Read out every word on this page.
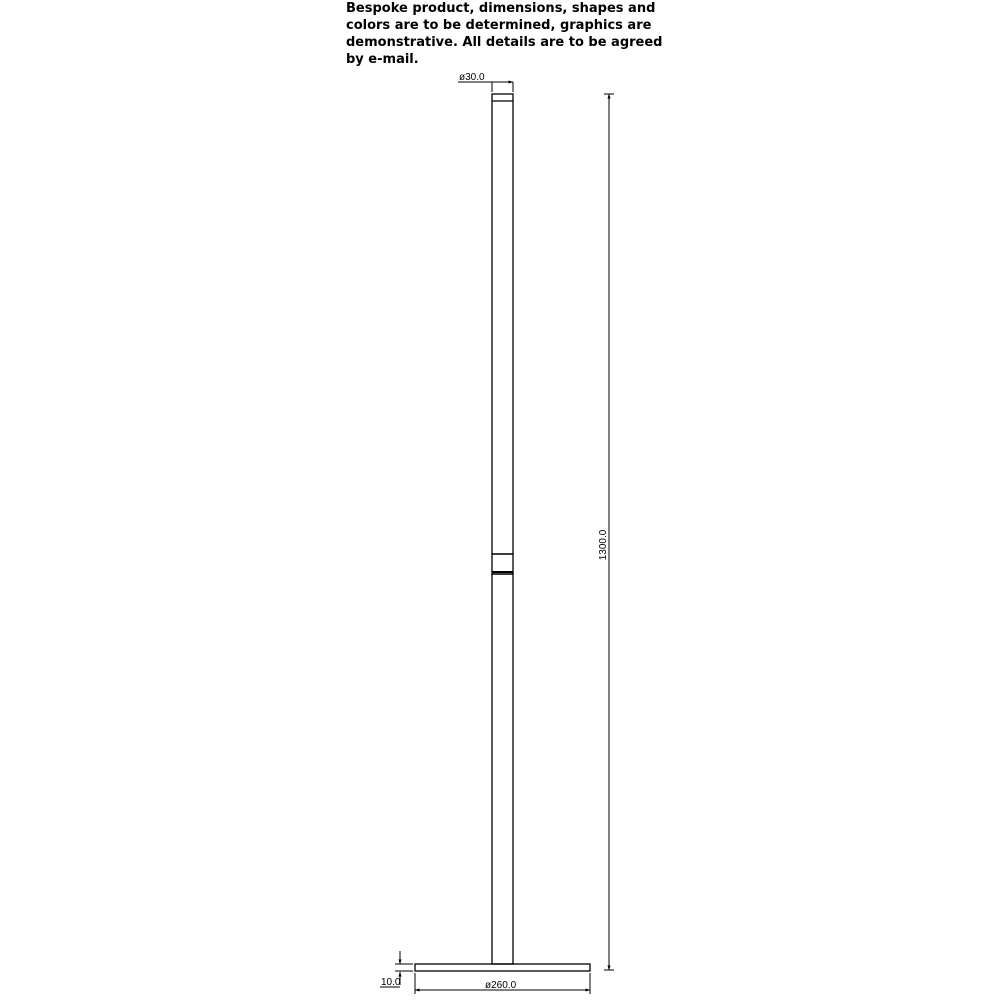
Bespoke product, dimensions, shapes and colors are to be determined, graphics are demonstrative. All details are to be agreed by e-mail.
ø30.0
1300.0
10.0	ø260.0
